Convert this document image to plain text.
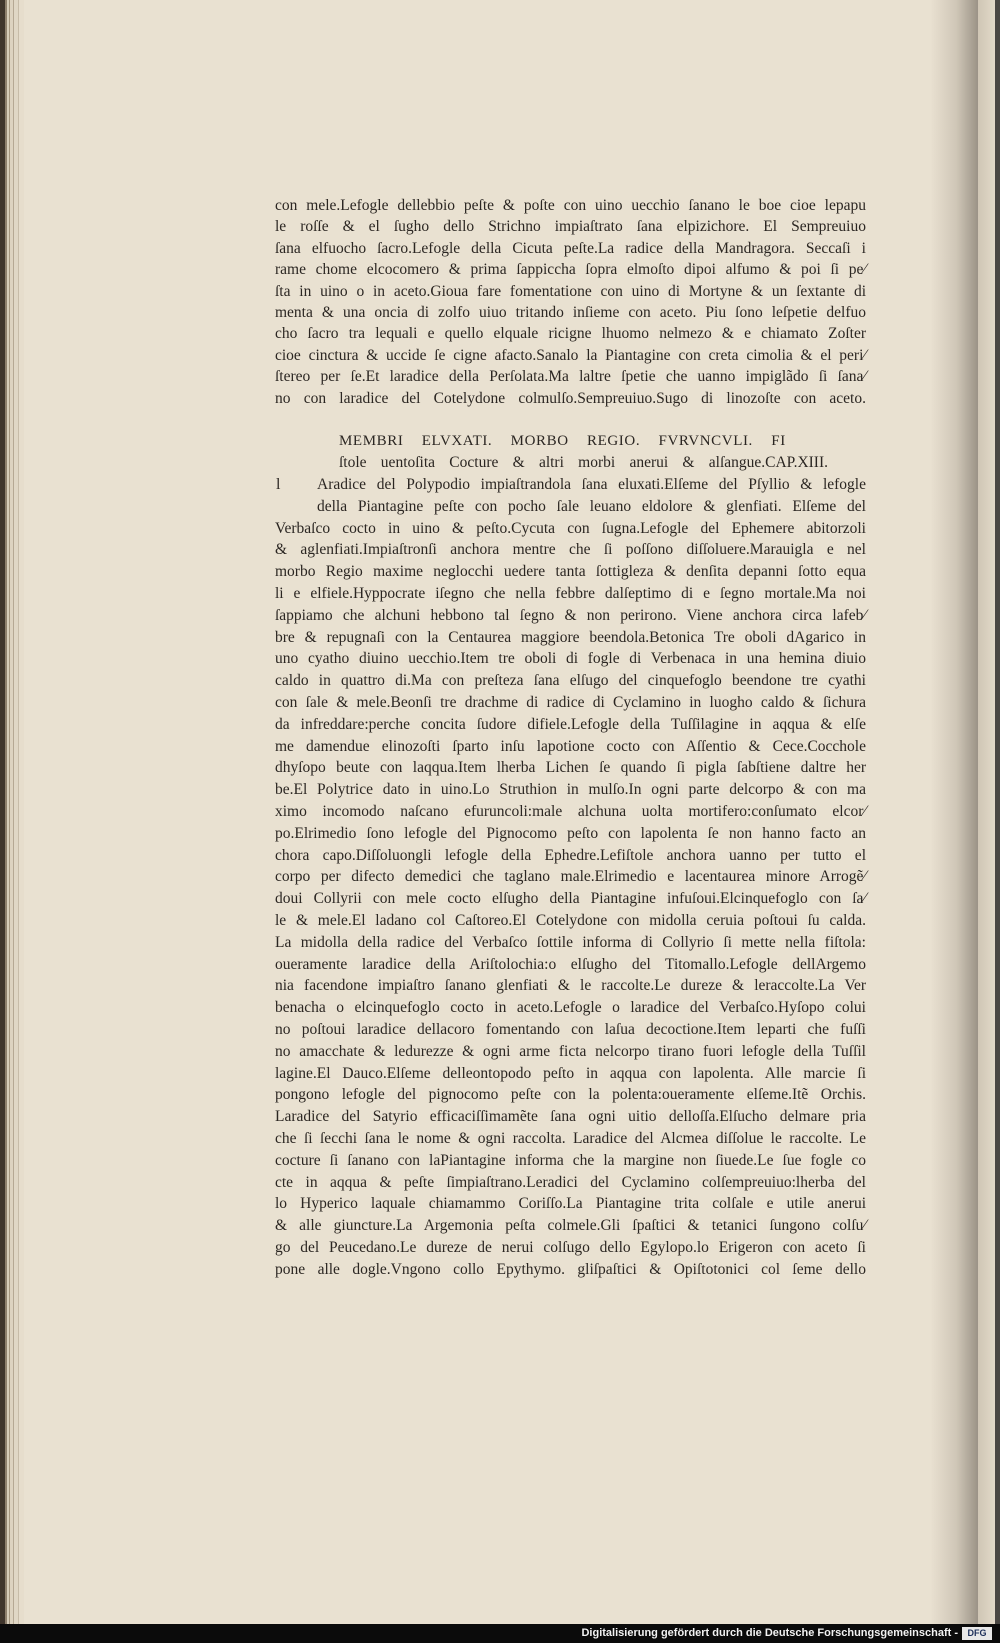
con mele.Lefogle dellebbio peſte & poſte con uino uecchio ſanano le boe cioe lepapu
le roſſe & el ſugho dello Strichno impiaſtrato ſana elpizichore. El Sempreuiuo
ſana elfuocho ſacro.Lefogle della Cicuta peſte.La radice della Mandragora. Seccaſi i
rame chome elcocomero & prima ſappiccha ſopra elmoſto dipoi alfumo & poi ſi pe⁄
ſta in uino o in aceto.Gioua fare fomentatione con uino di Mortyne & un ſextante di
menta & una oncia di zolfo uiuo tritando inſieme con aceto. Piu ſono leſpetie delfuo
cho ſacro tra lequali e quello elquale ricigne lhuomo nelmezo & e chiamato Zoſter
cioe cinctura & uccide ſe cigne afacto.Sanalo la Piantagine con creta cimolia & el peri⁄
ſtereo per ſe.Et laradice della Perſolata.Ma laltre ſpetie che uanno impiglãdo ſi ſana⁄
no con laradice del Cotelydone colmulſo.Sempreuiuo.Sugo di linozoſte con aceto.
MEMBRI ELVXATI. MORBO REGIO. FVRVNCVLI. FI
ſtole uentoſita Cocture & altri morbi anerui & alſangue.CAP.XIII.
l Aradice del Polypodio impiaſtrandola ſana eluxati.Elſeme del Pſyllio & lefogle
della Piantagine peſte con pocho ſale leuano eldolore & glenfiati. Elſeme del
Verbaſco cocto in uino & peſto.Cycuta con ſugna.Lefogle del Ephemere abitorzoli
& aglenfiati.Impiaſtronſi anchora mentre che ſi poſſono diſſoluere.Marauigla e nel
morbo Regio maxime neglocchi uedere tanta ſottigleza & denſita depanni ſotto equa
li e elfiele.Hyppocrate iſegno che nella febbre dalſeptimo di e ſegno mortale.Ma noi
ſappiamo che alchuni hebbono tal ſegno & non perirono. Viene anchora circa lafeb⁄
bre & repugnaſi con la Centaurea maggiore beendola.Betonica Tre oboli dAgarico in
uno cyatho diuino uecchio.Item tre oboli di fogle di Verbenaca in una hemina diuio
caldo in quattro di.Ma con preſteza ſana elſugo del cinquefoglo beendone tre cyathi
con ſale & mele.Beonſi tre drachme di radice di Cyclamino in luogho caldo & ſichura
da infreddare:perche concita ſudore difiele.Lefogle della Tuſſilagine in aqqua & elſe
me damendue elinozoſti ſparto inſu lapotione cocto con Aſſentio & Cece.Cocchole
dhyſopo beute con laqqua.Item lherba Lichen ſe quando ſi pigla ſabſtiene daltre her
be.El Polytrice dato in uino.Lo Struthion in mulſo.In ogni parte delcorpo & con ma
ximo incomodo naſcano efuruncoli:male alchuna uolta mortifero:conſumato elcor⁄
po.Elrimedio ſono lefogle del Pignocomo peſto con lapolenta ſe non hanno facto an
chora capo.Diſſoluongli lefogle della Ephedre.Lefiſtole anchora uanno per tutto el
corpo per difecto demedici che taglano male.Elrimedio e lacentaurea minore Arrogẽ⁄
doui Collyrii con mele cocto elſugho della Piantagine infuſoui.Elcinquefoglo con ſa⁄
le & mele.El ladano col Caſtoreo.El Cotelydone con midolla ceruia poſtoui ſu calda.
La midolla della radice del Verbaſco ſottile informa di Collyrio ſi mette nella fiſtola:
oueramente laradice della Ariſtolochia:o elſugho del Titomallo.Lefogle dellArgemo
nia facendone impiaſtro ſanano glenfiati & le raccolte.Le dureze & leraccolte.La Ver
benacha o elcinquefoglo cocto in aceto.Lefogle o laradice del Verbaſco.Hyſopo colui
no poſtoui laradice dellacoro fomentando con laſua decoctione.Item leparti che fuſſi
no amacchate & ledurezze & ogni arme ficta nelcorpo tirano fuori lefogle della Tuſſil
lagine.El Dauco.Elſeme delleontopodo peſto in aqqua con lapolenta. Alle marcie ſi
pongono lefogle del pignocomo peſte con la polenta:oueramente elſeme.Itẽ Orchis.
Laradice del Satyrio efficaciſſimamẽte ſana ogni uitio delloſſa.Elſucho delmare pria
che ſi ſecchi ſana le nome & ogni raccolta. Laradice del Alcmea diſſolue le raccolte. Le
cocture ſi ſanano con laPiantagine informa che la margine non ſiuede.Le ſue fogle co
cte in aqqua & peſte ſimpiaſtrano.Leradici del Cyclamino colſempreuiuo:lherba del
lo Hyperico laquale chiamammo Coriſſo.La Piantagine trita colſale e utile anerui
& alle giuncture.La Argemonia peſta colmele.Gli ſpaſtici & tetanici ſungono colſu⁄
go del Peucedano.Le dureze de nerui colſugo dello Egylopo.lo Erigeron con aceto ſi
pone alle dogle.Vngono collo Epythymo. gliſpaſtici & Opiſtotonici col ſeme dello
Digitalisierung gefördert durch die Deutsche Forschungsgemeinschaft -	DFG
